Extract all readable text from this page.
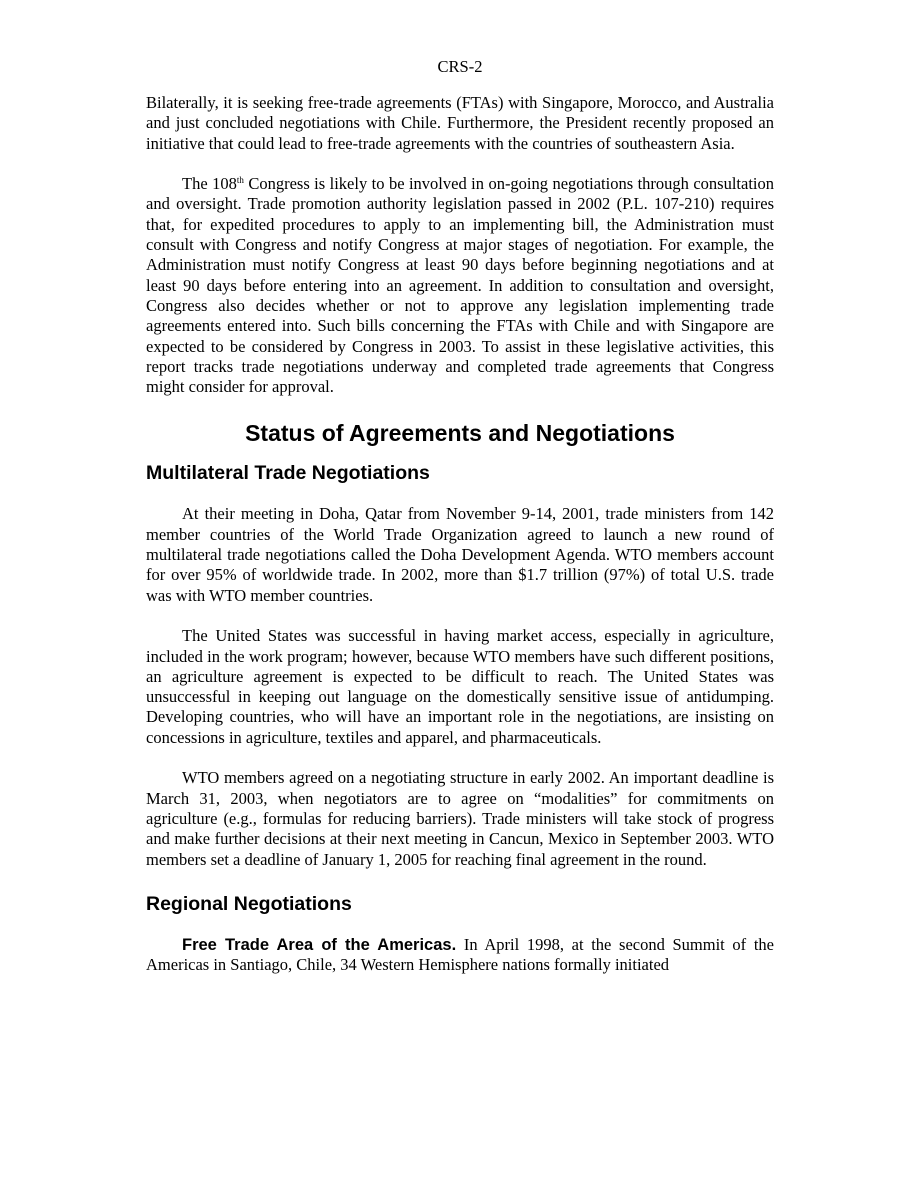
CRS-2

Bilaterally, it is seeking free-trade agreements (FTAs) with Singapore, Morocco, and Australia and just concluded negotiations with Chile. Furthermore, the President recently proposed an initiative that could lead to free-trade agreements with the countries of southeastern Asia.

The 108th Congress is likely to be involved in on-going negotiations through consultation and oversight. Trade promotion authority legislation passed in 2002 (P.L. 107-210) requires that, for expedited procedures to apply to an implementing bill, the Administration must consult with Congress and notify Congress at major stages of negotiation. For example, the Administration must notify Congress at least 90 days before beginning negotiations and at least 90 days before entering into an agreement. In addition to consultation and oversight, Congress also decides whether or not to approve any legislation implementing trade agreements entered into. Such bills concerning the FTAs with Chile and with Singapore are expected to be considered by Congress in 2003. To assist in these legislative activities, this report tracks trade negotiations underway and completed trade agreements that Congress might consider for approval.

Status of Agreements and Negotiations
Multilateral Trade Negotiations

At their meeting in Doha, Qatar from November 9-14, 2001, trade ministers from 142 member countries of the World Trade Organization agreed to launch a new round of multilateral trade negotiations called the Doha Development Agenda. WTO members account for over 95% of worldwide trade. In 2002, more than $1.7 trillion (97%) of total U.S. trade was with WTO member countries.

The United States was successful in having market access, especially in agriculture, included in the work program; however, because WTO members have such different positions, an agriculture agreement is expected to be difficult to reach. The United States was unsuccessful in keeping out language on the domestically sensitive issue of antidumping. Developing countries, who will have an important role in the negotiations, are insisting on concessions in agriculture, textiles and apparel, and pharmaceuticals.

WTO members agreed on a negotiating structure in early 2002. An important deadline is March 31, 2003, when negotiators are to agree on “modalities” for commitments on agriculture (e.g., formulas for reducing barriers). Trade ministers will take stock of progress and make further decisions at their next meeting in Cancun, Mexico in September 2003. WTO members set a deadline of January 1, 2005 for reaching final agreement in the round.

Regional Negotiations

Free Trade Area of the Americas. In April 1998, at the second Summit of the Americas in Santiago, Chile, 34 Western Hemisphere nations formally initiated
